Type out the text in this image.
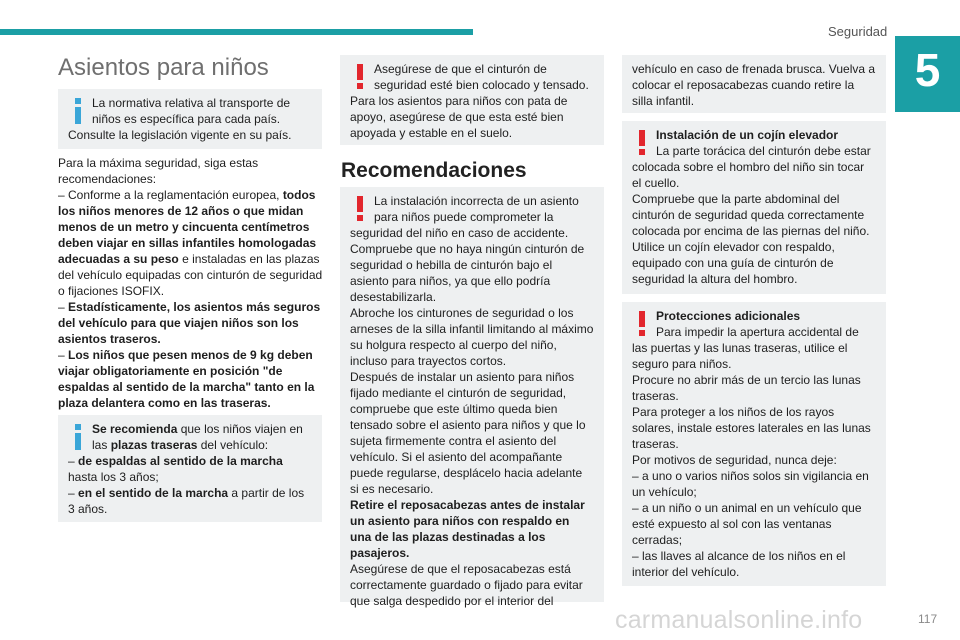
Seguridad
5
Asientos para niños

La normativa relativa al transporte de

niños es específica para cada país.

Consulte la legislación vigente en su país.

Para la máxima seguridad, siga estas recomendaciones:

– Conforme a la reglamentación europea, todos los niños menores de 12 años o que midan menos de un metro y cincuenta centímetros deben viajar en sillas infantiles homologadas adecuadas a su peso e instaladas en las plazas del vehículo equipadas con cinturón de seguridad o fijaciones ISOFIX.

– Estadísticamente, los asientos más seguros del vehículo para que viajen niños son los asientos traseros.

– Los niños que pesen menos de 9 kg deben viajar obligatoriamente en posición "de espaldas al sentido de la marcha" tanto en la plaza delantera como en las traseras.

Se recomienda que los niños viajen en

las plazas traseras del vehículo:

– de espaldas al sentido de la marcha hasta los 3 años;

– en el sentido de la marcha a partir de los 3 años.

Asegúrese de que el cinturón de

seguridad esté bien colocado y tensado.

Para los asientos para niños con pata de apoyo, asegúrese de que esta esté bien apoyada y estable en el suelo.

Recomendaciones

La instalación incorrecta de un asiento

para niños puede comprometer la

seguridad del niño en caso de accidente.

Compruebe que no haya ningún cinturón de seguridad o hebilla de cinturón bajo el asiento para niños, ya que ello podría desestabilizarla.

Abroche los cinturones de seguridad o los arneses de la silla infantil limitando al máximo su holgura respecto al cuerpo del niño, incluso para trayectos cortos.

Después de instalar un asiento para niños fijado mediante el cinturón de seguridad, compruebe que este último queda bien tensado sobre el asiento para niños y que lo sujeta firmemente contra el asiento del vehículo. Si el asiento del acompañante puede regularse, desplácelo hacia adelante si es necesario.

Retire el reposacabezas antes de instalar un asiento para niños con respaldo en una de las plazas destinadas a los pasajeros.

Asegúrese de que el reposacabezas está correctamente guardado o fijado para evitar que salga despedido por el interior del

vehículo en caso de frenada brusca. Vuelva a colocar el reposacabezas cuando retire la silla infantil.

Instalación de un cojín elevador

La parte torácica del cinturón debe estar

colocada sobre el hombro del niño sin tocar el cuello.

Compruebe que la parte abdominal del cinturón de seguridad queda correctamente colocada por encima de las piernas del niño.

Utilice un cojín elevador con respaldo, equipado con una guía de cinturón de seguridad la altura del hombro.

Protecciones adicionales

Para impedir la apertura accidental de

las puertas y las lunas traseras, utilice el seguro para niños.

Procure no abrir más de un tercio las lunas traseras.

Para proteger a los niños de los rayos solares, instale estores laterales en las lunas traseras.

Por motivos de seguridad, nunca deje:

– a uno o varios niños solos sin vigilancia en un vehículo;

– a un niño o un animal en un vehículo que esté expuesto al sol con las ventanas cerradas;

– las llaves al alcance de los niños en el interior del vehículo.

carmanualsonline.info	117
